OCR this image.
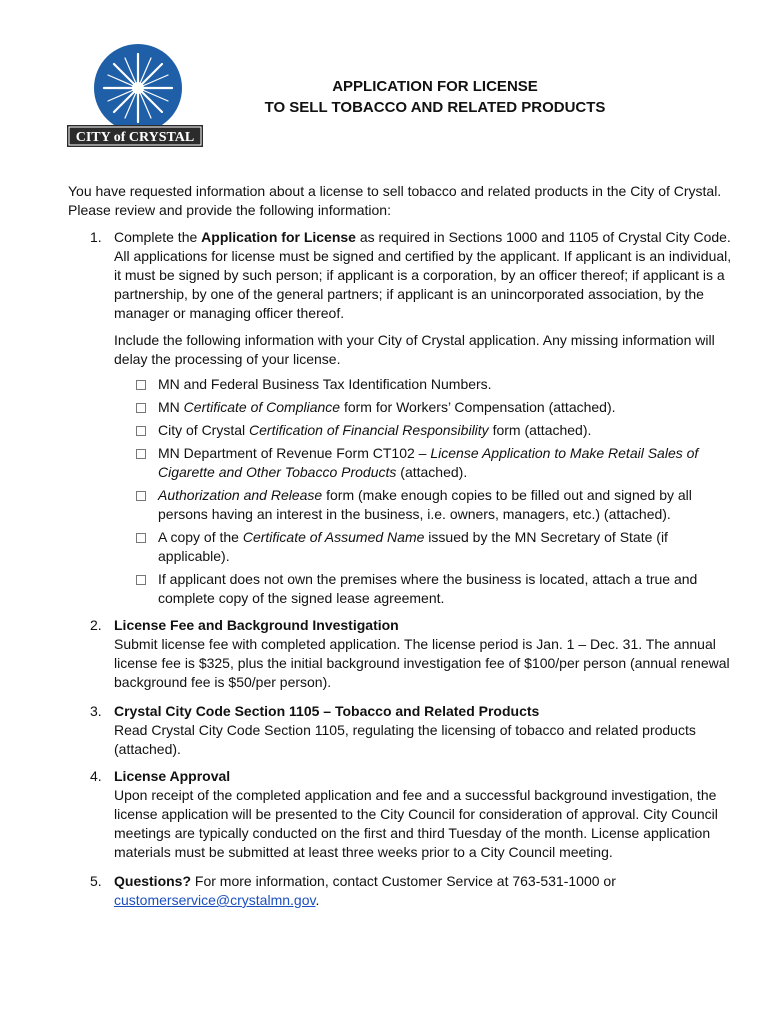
CITY of CRYSTAL
APPLICATION FOR LICENSE
TO SELL TOBACCO AND RELATED PRODUCTS
You have requested information about a license to sell tobacco and related products in the City of Crystal. Please review and provide the following information:
1. Complete the Application for License as required in Sections 1000 and 1105 of Crystal City Code. All applications for license must be signed and certified by the applicant. If applicant is an individual, it must be signed by such person; if applicant is a corporation, by an officer thereof; if applicant is a partnership, by one of the general partners; if applicant is an unincorporated association, by the manager or managing officer thereof.

Include the following information with your City of Crystal application. Any missing information will delay the processing of your license.

MN and Federal Business Tax Identification Numbers.
MN Certificate of Compliance form for Workers’ Compensation (attached).
City of Crystal Certification of Financial Responsibility form (attached).
MN Department of Revenue Form CT102 – License Application to Make Retail Sales of Cigarette and Other Tobacco Products (attached).
Authorization and Release form (make enough copies to be filled out and signed by all persons having an interest in the business, i.e. owners, managers, etc.) (attached).
A copy of the Certificate of Assumed Name issued by the MN Secretary of State (if applicable).
If applicant does not own the premises where the business is located, attach a true and complete copy of the signed lease agreement.
2. License Fee and Background Investigation
Submit license fee with completed application. The license period is Jan. 1 – Dec. 31. The annual license fee is $325, plus the initial background investigation fee of $100/per person (annual renewal background fee is $50/per person).
3. Crystal City Code Section 1105 – Tobacco and Related Products
Read Crystal City Code Section 1105, regulating the licensing of tobacco and related products (attached).
4. License Approval
Upon receipt of the completed application and fee and a successful background investigation, the license application will be presented to the City Council for consideration of approval. City Council meetings are typically conducted on the first and third Tuesday of the month. License application materials must be submitted at least three weeks prior to a City Council meeting.
5. Questions? For more information, contact Customer Service at 763-531-1000 or customerservice@crystalmn.gov.
